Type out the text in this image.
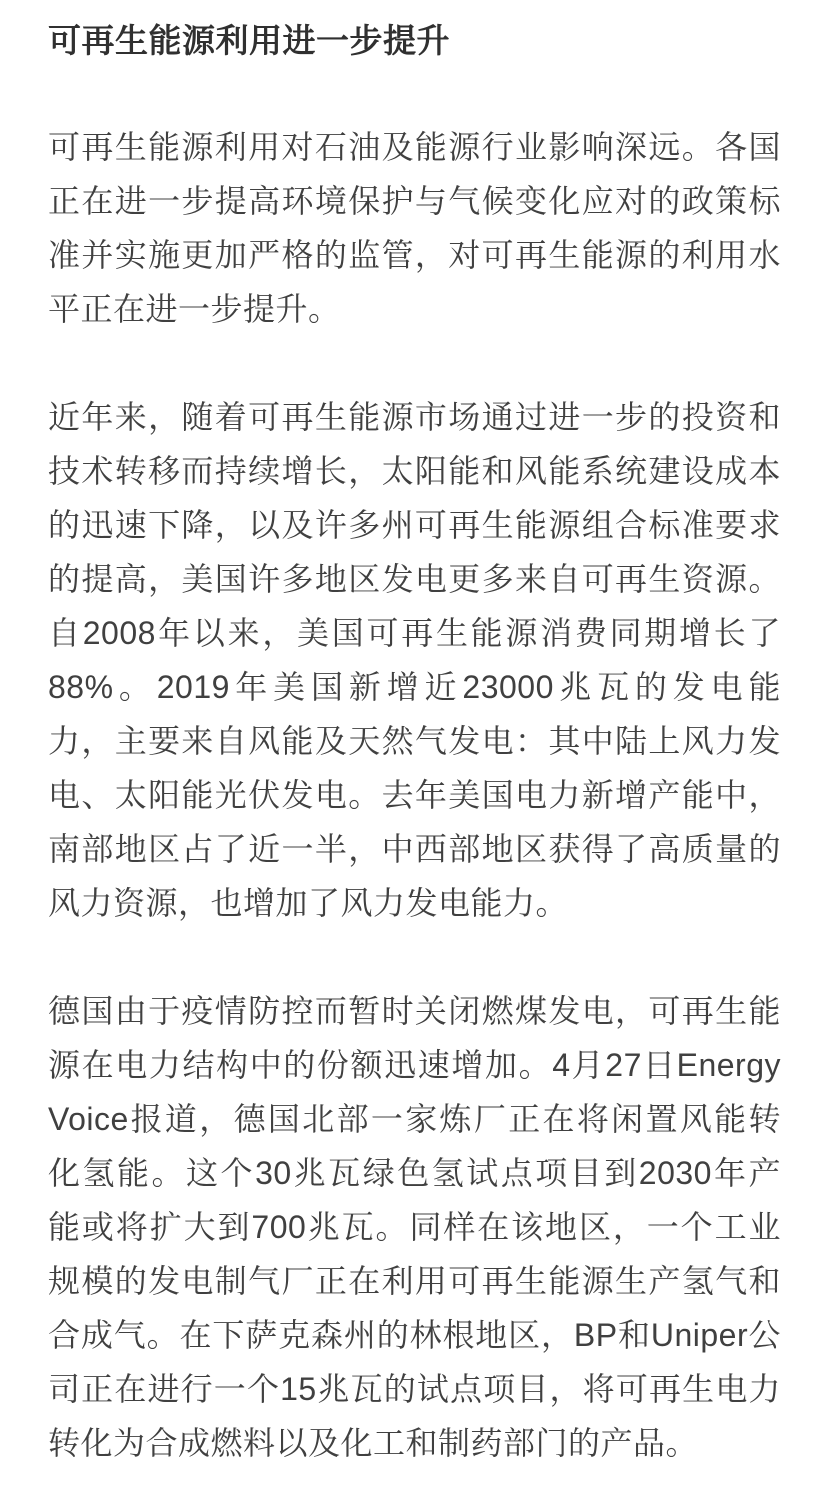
可再生能源利用进一步提升
可再生能源利用对石油及能源行业影响深远。各国
正在进一步提高环境保护与气候变化应对的政策标
准并实施更加严格的监管，对可再生能源的利用水
平正在进一步提升。
近年来，随着可再生能源市场通过进一步的投资和
技术转移而持续增长，太阳能和风能系统建设成本
的迅速下降，以及许多州可再生能源组合标准要求
的提高，美国许多地区发电更多来自可再生资源。
自2008年以来，美国可再生能源消费同期增长了
88%。2019年美国新增近23000兆瓦的发电能
力，主要来自风能及天然气发电：其中陆上风力发
电、太阳能光伏发电。去年美国电力新增产能中，
南部地区占了近一半，中西部地区获得了高质量的
风力资源，也增加了风力发电能力。
德国由于疫情防控而暂时关闭燃煤发电，可再生能
源在电力结构中的份额迅速增加。4月27日Energy
Voice报道，德国北部一家炼厂正在将闲置风能转
化氢能。这个30兆瓦绿色氢试点项目到2030年产
能或将扩大到700兆瓦。同样在该地区，一个工业
规模的发电制气厂正在利用可再生能源生产氢气和
合成气。在下萨克森州的林根地区，BP和Uniper公
司正在进行一个15兆瓦的试点项目，将可再生电力
转化为合成燃料以及化工和制药部门的产品。
